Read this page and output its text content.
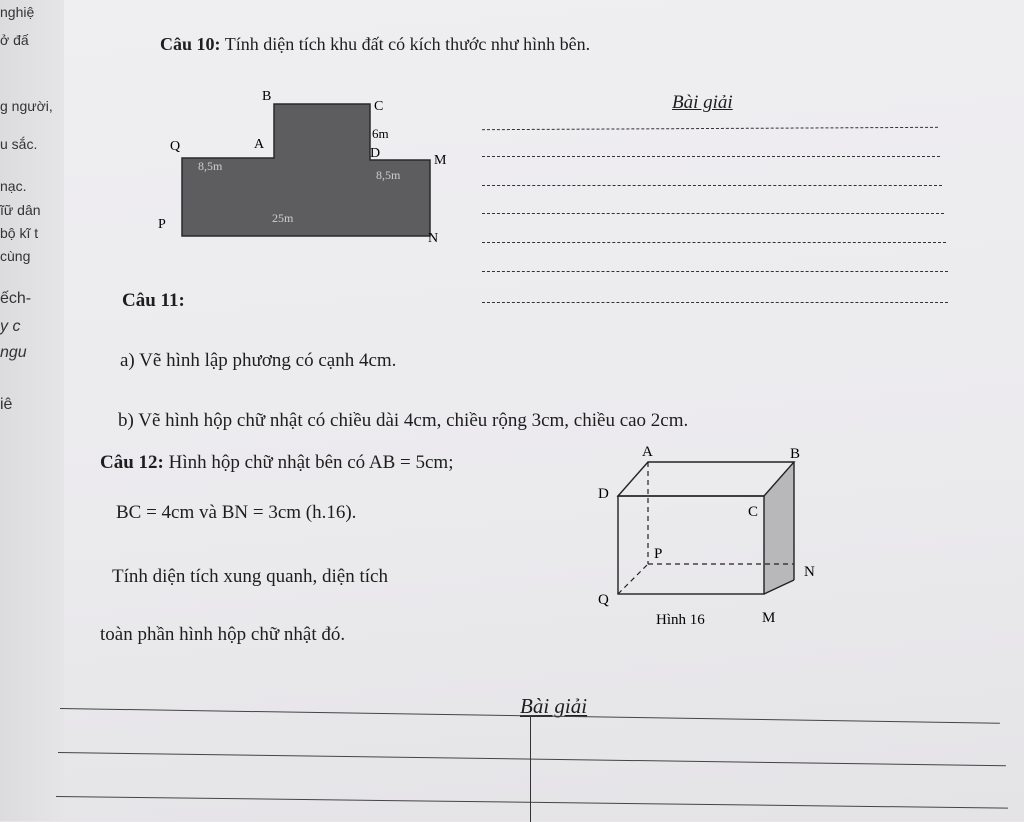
nghiệ
ở đấ
g người,
u sắc.
nạc.
ĩữ dân
bộ kĩ t
cùng
ếch-
y c
ngu
iê
Câu 10: Tính diện tích khu đất có kích thước như hình bên.
B
C
A
D
Q
M
P
N
6m
8,5m
8,5m
25m
Bài giải
Câu 11:
a) Vẽ hình lập phương có cạnh 4cm.
b) Vẽ hình hộp chữ nhật có chiều dài 4cm, chiều rộng 3cm, chiều cao 2cm.
Câu 12: Hình hộp chữ nhật bên có AB = 5cm;
BC = 4cm và BN = 3cm (h.16).
Tính diện tích xung quanh, diện tích
toàn phần hình hộp chữ nhật đó.
A	B
D
C
P
N
Q
M
Hình 16
Bài giải
